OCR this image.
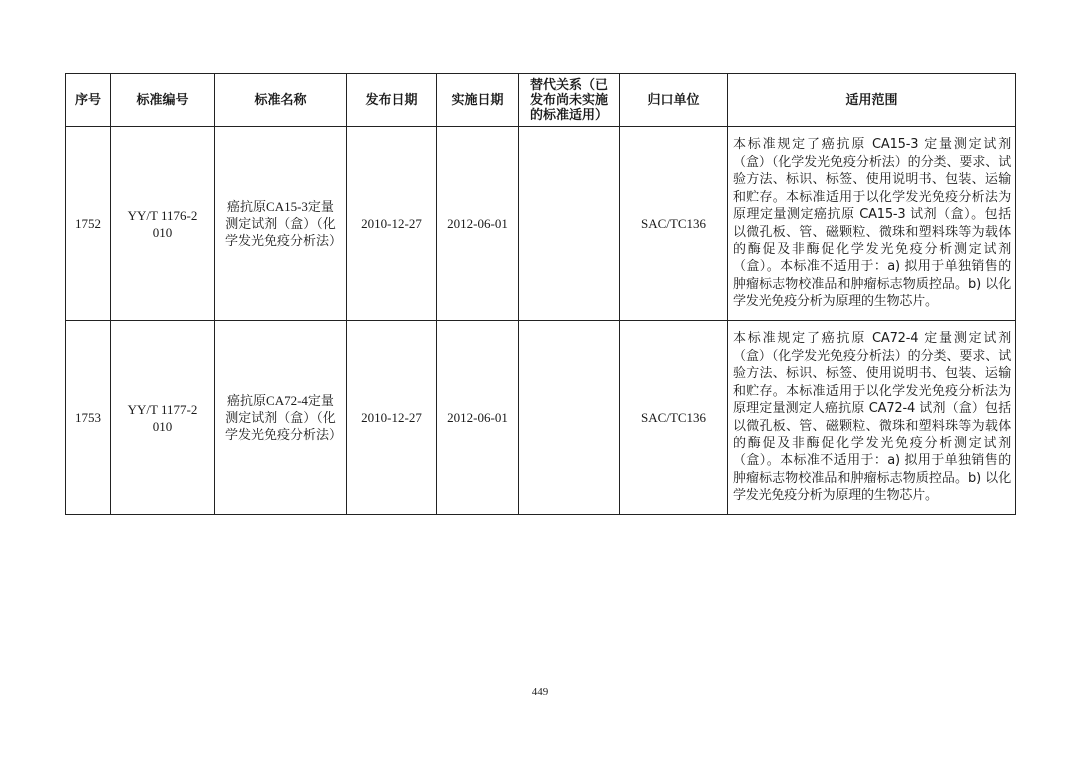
序号	标准编号	标准名称	发布日期	实施日期	替代关系（已发布尚未实施的标准适用）	归口单位	适用范围
1752	YY/T 1176-2010	癌抗原CA15-3定量测定试剂（盒）（化学发光免疫分析法）	2010-12-27	2012-06-01		SAC/TC136	本标准规定了癌抗原 CA15-3 定量测定试剂（盒）（化学发光免疫分析法）的分类、要求、试验方法、标识、标签、使用说明书、包装、运输和贮存。本标准适用于以化学发光免疫分析法为原理定量测定癌抗原 CA15-3 试剂（盒）。包括以微孔板、管、磁颗粒、微珠和塑料珠等为载体的酶促及非酶促化学发光免疫分析测定试剂（盒）。本标准不适用于：a) 拟用于单独销售的肿瘤标志物校准品和肿瘤标志物质控品。b) 以化学发光免疫分析为原理的生物芯片。
1753	YY/T 1177-2010	癌抗原CA72-4定量测定试剂（盒）（化学发光免疫分析法）	2010-12-27	2012-06-01		SAC/TC136	本标准规定了癌抗原 CA72-4 定量测定试剂（盒）（化学发光免疫分析法）的分类、要求、试验方法、标识、标签、使用说明书、包装、运输和贮存。本标准适用于以化学发光免疫分析法为原理定量测定人癌抗原 CA72-4 试剂（盒）包括以微孔板、管、磁颗粒、微珠和塑料珠等为载体的酶促及非酶促化学发光免疫分析测定试剂（盒）。本标准不适用于：a) 拟用于单独销售的肿瘤标志物校准品和肿瘤标志物质控品。b) 以化学发光免疫分析为原理的生物芯片。
449
